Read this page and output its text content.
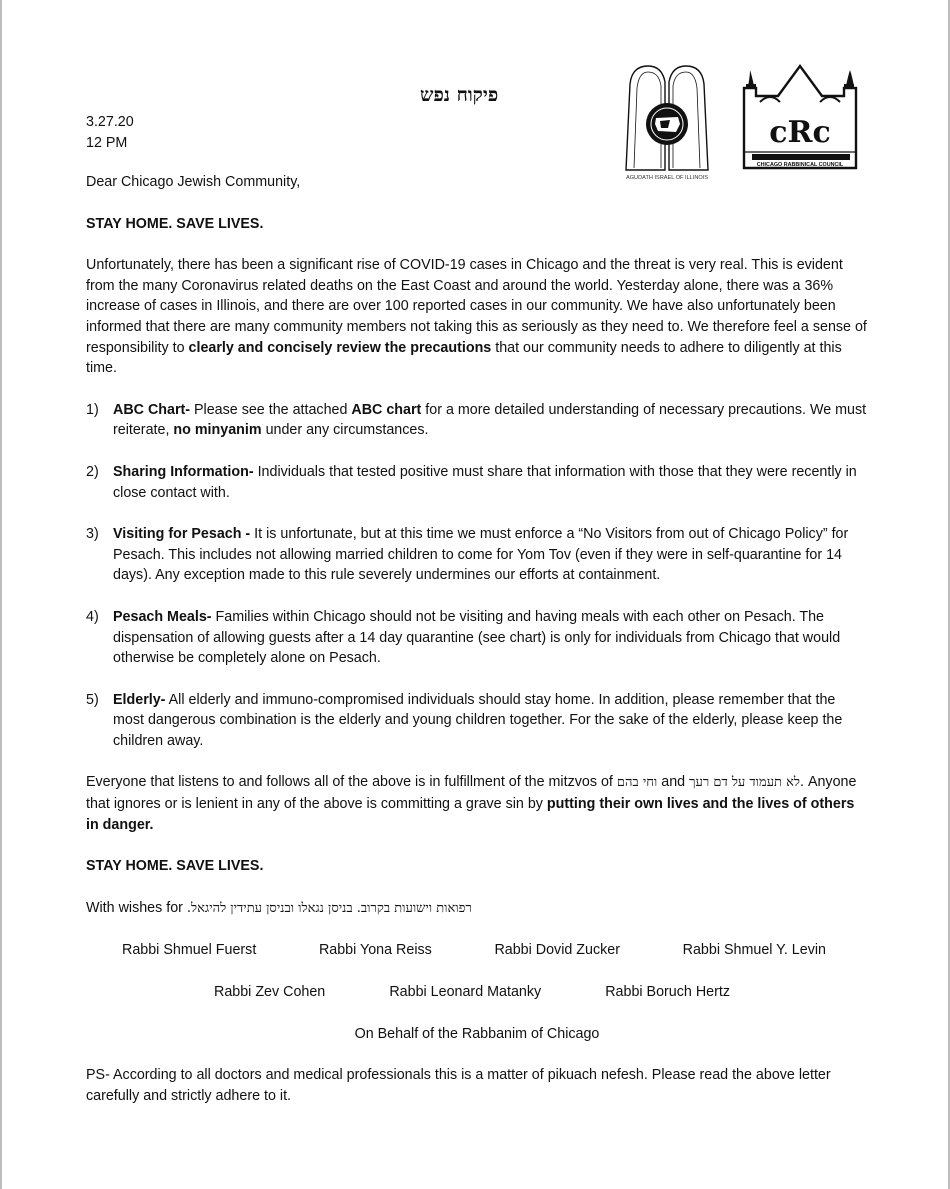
פיקוח נפש
3.27.20
12 PM
AGUDATH ISRAEL OF ILLINOIS
cRc
CHICAGO RABBINICAL COUNCIL
Dear Chicago Jewish Community,
STAY HOME. SAVE LIVES.
Unfortunately, there has been a significant rise of COVID-19 cases in Chicago and the threat is very real. This is evident from the many Coronavirus related deaths on the East Coast and around the world. Yesterday alone, there was a 36% increase of cases in Illinois, and there are over 100 reported cases in our community. We have also unfortunately been informed that there are many community members not taking this as seriously as they need to. We therefore feel a sense of responsibility to clearly and concisely review the precautions that our community needs to adhere to diligently at this time.
1) ABC Chart- Please see the attached ABC chart for a more detailed understanding of necessary precautions. We must reiterate, no minyanim under any circumstances.
2) Sharing Information- Individuals that tested positive must share that information with those that they were recently in close contact with.
3) Visiting for Pesach - It is unfortunate, but at this time we must enforce a “No Visitors from out of Chicago Policy” for Pesach. This includes not allowing married children to come for Yom Tov (even if they were in self-quarantine for 14 days). Any exception made to this rule severely undermines our efforts at containment.
4) Pesach Meals- Families within Chicago should not be visiting and having meals with each other on Pesach. The dispensation of allowing guests after a 14 day quarantine (see chart) is only for individuals from Chicago that would otherwise be completely alone on Pesach.
5) Elderly- All elderly and immuno-compromised individuals should stay home. In addition, please remember that the most dangerous combination is the elderly and young children together. For the sake of the elderly, please keep the children away.
Everyone that listens to and follows all of the above is in fulfillment of the mitzvos of וחי בהם and לא תעמוד על דם רעך. Anyone that ignores or is lenient in any of the above is committing a grave sin by putting their own lives and the lives of others in danger.
STAY HOME. SAVE LIVES.
With wishes for רפואות וישועות בקרוב. בניסן נגאלו ובניסן עתידין להיגאל.
Rabbi Shmuel Fuerst	Rabbi Yona Reiss	Rabbi Dovid Zucker	Rabbi Shmuel Y. Levin
Rabbi Zev Cohen	Rabbi Leonard Matanky	Rabbi Boruch Hertz
On Behalf of the Rabbanim of Chicago
PS- According to all doctors and medical professionals this is a matter of pikuach nefesh. Please read the above letter carefully and strictly adhere to it.
